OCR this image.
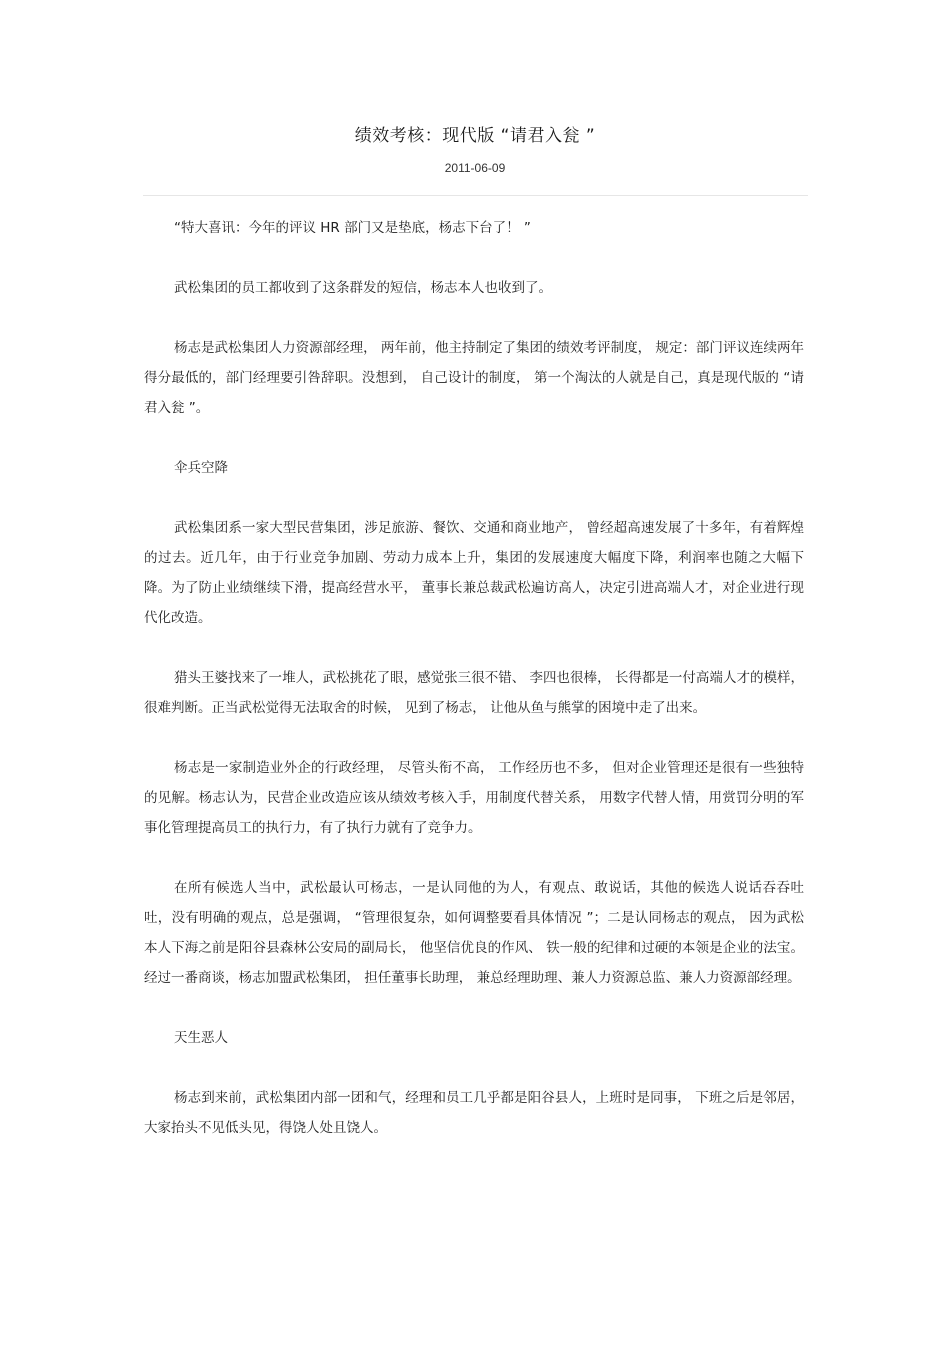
绩效考核：现代版 “请君入瓮 ”
2011-06-09

“特大喜讯：今年的评议 HR 部门又是垫底，杨志下台了！ ”

武松集团的员工都收到了这条群发的短信，杨志本人也收到了。

杨志是武松集团人力资源部经理， 两年前，他主持制定了集团的绩效考评制度， 规定：部门评议连续两年得分最低的，部门经理要引咎辞职。没想到， 自己设计的制度， 第一个淘汰的人就是自己，真是现代版的 “请君入瓮 ”。

伞兵空降

武松集团系一家大型民营集团，涉足旅游、餐饮、交通和商业地产， 曾经超高速发展了十多年，有着辉煌的过去。近几年，由于行业竞争加剧、劳动力成本上升，集团的发展速度大幅度下降，利润率也随之大幅下降。为了防止业绩继续下滑，提高经营水平， 董事长兼总裁武松遍访高人，决定引进高端人才，对企业进行现代化改造。

猎头王婆找来了一堆人，武松挑花了眼，感觉张三很不错、 李四也很棒， 长得都是一付高端人才的模样，很难判断。正当武松觉得无法取舍的时候， 见到了杨志， 让他从鱼与熊掌的困境中走了出来。

杨志是一家制造业外企的行政经理， 尽管头衔不高， 工作经历也不多， 但对企业管理还是很有一些独特的见解。杨志认为，民营企业改造应该从绩效考核入手，用制度代替关系， 用数字代替人情，用赏罚分明的军事化管理提高员工的执行力，有了执行力就有了竞争力。

在所有候选人当中，武松最认可杨志，一是认同他的为人，有观点、敢说话，其他的候选人说话吞吞吐吐，没有明确的观点，总是强调， “管理很复杂，如何调整要看具体情况 ”；二是认同杨志的观点， 因为武松本人下海之前是阳谷县森林公安局的副局长， 他坚信优良的作风、 铁一般的纪律和过硬的本领是企业的法宝。经过一番商谈，杨志加盟武松集团， 担任董事长助理， 兼总经理助理、兼人力资源总监、兼人力资源部经理。

天生恶人

杨志到来前，武松集团内部一团和气，经理和员工几乎都是阳谷县人，上班时是同事， 下班之后是邻居，大家抬头不见低头见，得饶人处且饶人。
